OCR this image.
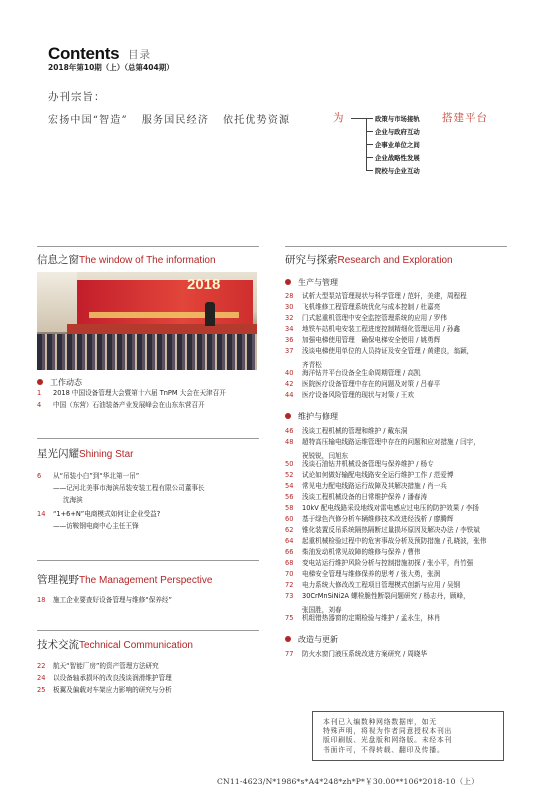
Contents 目录
2018年第10期（上）（总第404期）
办刊宗旨：
宏扬中国“智造” 服务国民经济 依托优势资源	为	政策与市场接轨
企业与政府互动
企事业单位之间
企业战略性发展
院校与企业互动
搭建平台
信息之窗The window of The information
2018
工作动态
1 2018 中国设备管理大会暨第十六届 TnPM 大会在天津召开
4 中国（东营）石油装备产业发展峰会在山东东营召开
星光闪耀Shining Star
6 从“吊装小白”到“华北第一吊”
——记河北美事市海滨吊装安装工程有限公司董事长
沈海滨
14 “1+6+N”电商模式如何让企业受益?
——访鞍钢电商中心主任王锋
管理视野The Management Perspective
18 施工企业要查好设备管理与维修“保养经”
技术交流Technical Communication
22 航天“智能厂房”的资产管理方法研究
24 以设备轴承损坏的改良浅谈润滑维护管理
25 板翼及偏载对车架应力影响的研究与分析
研究与探索Research and Exploration
生产与管理
28 试析大型泵站管理现状与科学管理 / 范轩，美建，周程程
30 飞机维修工程管理系统优化与成本控制 / 杜嘉亮
32 门式起重机管理中安全监控管理系统的应用 / 罗伟
34 地铁车站机电安装工程进度控制精细化管理运用 / 孙鑫
36 加强电梯使用管理　确保电梯安全使用 / 姚勇辉
37 浅谈电梯使用单位的人员持证及安全管理 / 黄建良，翁颖，
齐青松
40 海洋钻井平台设备全生命周期管理 / 高凯
42 医院医疗设备管理中存在的问题及对策 / 吕春平
44 医疗设备风险管理的现状与对策 / 王欢
维护与修理
46 浅谈工程机械的管理和维护 / 戴东洞
48 超特高压输电线路运维管理中存在的问题和应对措施 / 闫宇，
祝锐锐，闫旭东
50 浅谈石油钻井机械设备管理与保养维护 / 杨专
52 试论如何做好输配电线路安全运行维护工作 / 范爱博
54 常见电力配电线路运行故障及其解决措施 / 肖一兵
56 浅谈工程机械设备的日常维护保养 / 潘春涛
58 10kV 配电线路采设地线对雷电感应过电压的防护效果 / 李扬
60 基于绿色汽修分析车辆维修技术改进经浅析 / 廖腾辉
62 锥化装置反吊系统隔热隔断过量损坏原因及解决办法 / 李铁斌
64 起重机械检验过程中的危害事故分析及预防措施 / 孔晓波，张伟
66 柴油发动机常见故障的维修与保养 / 曹伟
68 变电站运行维护风险分析与控制措施初探 / 张小平，肖竹强
70 电梯安全管理与维修保养的思考 / 张大勇，张润
72 电力系统大修改改工程项目管理模式创新与应用 / 吴钢
73 30CrMnSiNi2A 螺栓脆性断裂问题研究 / 杨志丹，顾峰，
张国胜，刘春
75 机组错热器窗的定期检验与维护 / 孟永生，林肖
改造与更新
77 防火水窗门液压系统改进方案研究 / 周晓华
本刊已入编数种网络数据库，如无
特殊声明，将视为作者同意授权本刊出
版印刷版、光盘版和网络版。未经本刊
书面许可，不得转载、翻印及传播。
CN11-4623/N*1986*s*A4*248*zh*P*￥30.00**106*2018-10（上）
